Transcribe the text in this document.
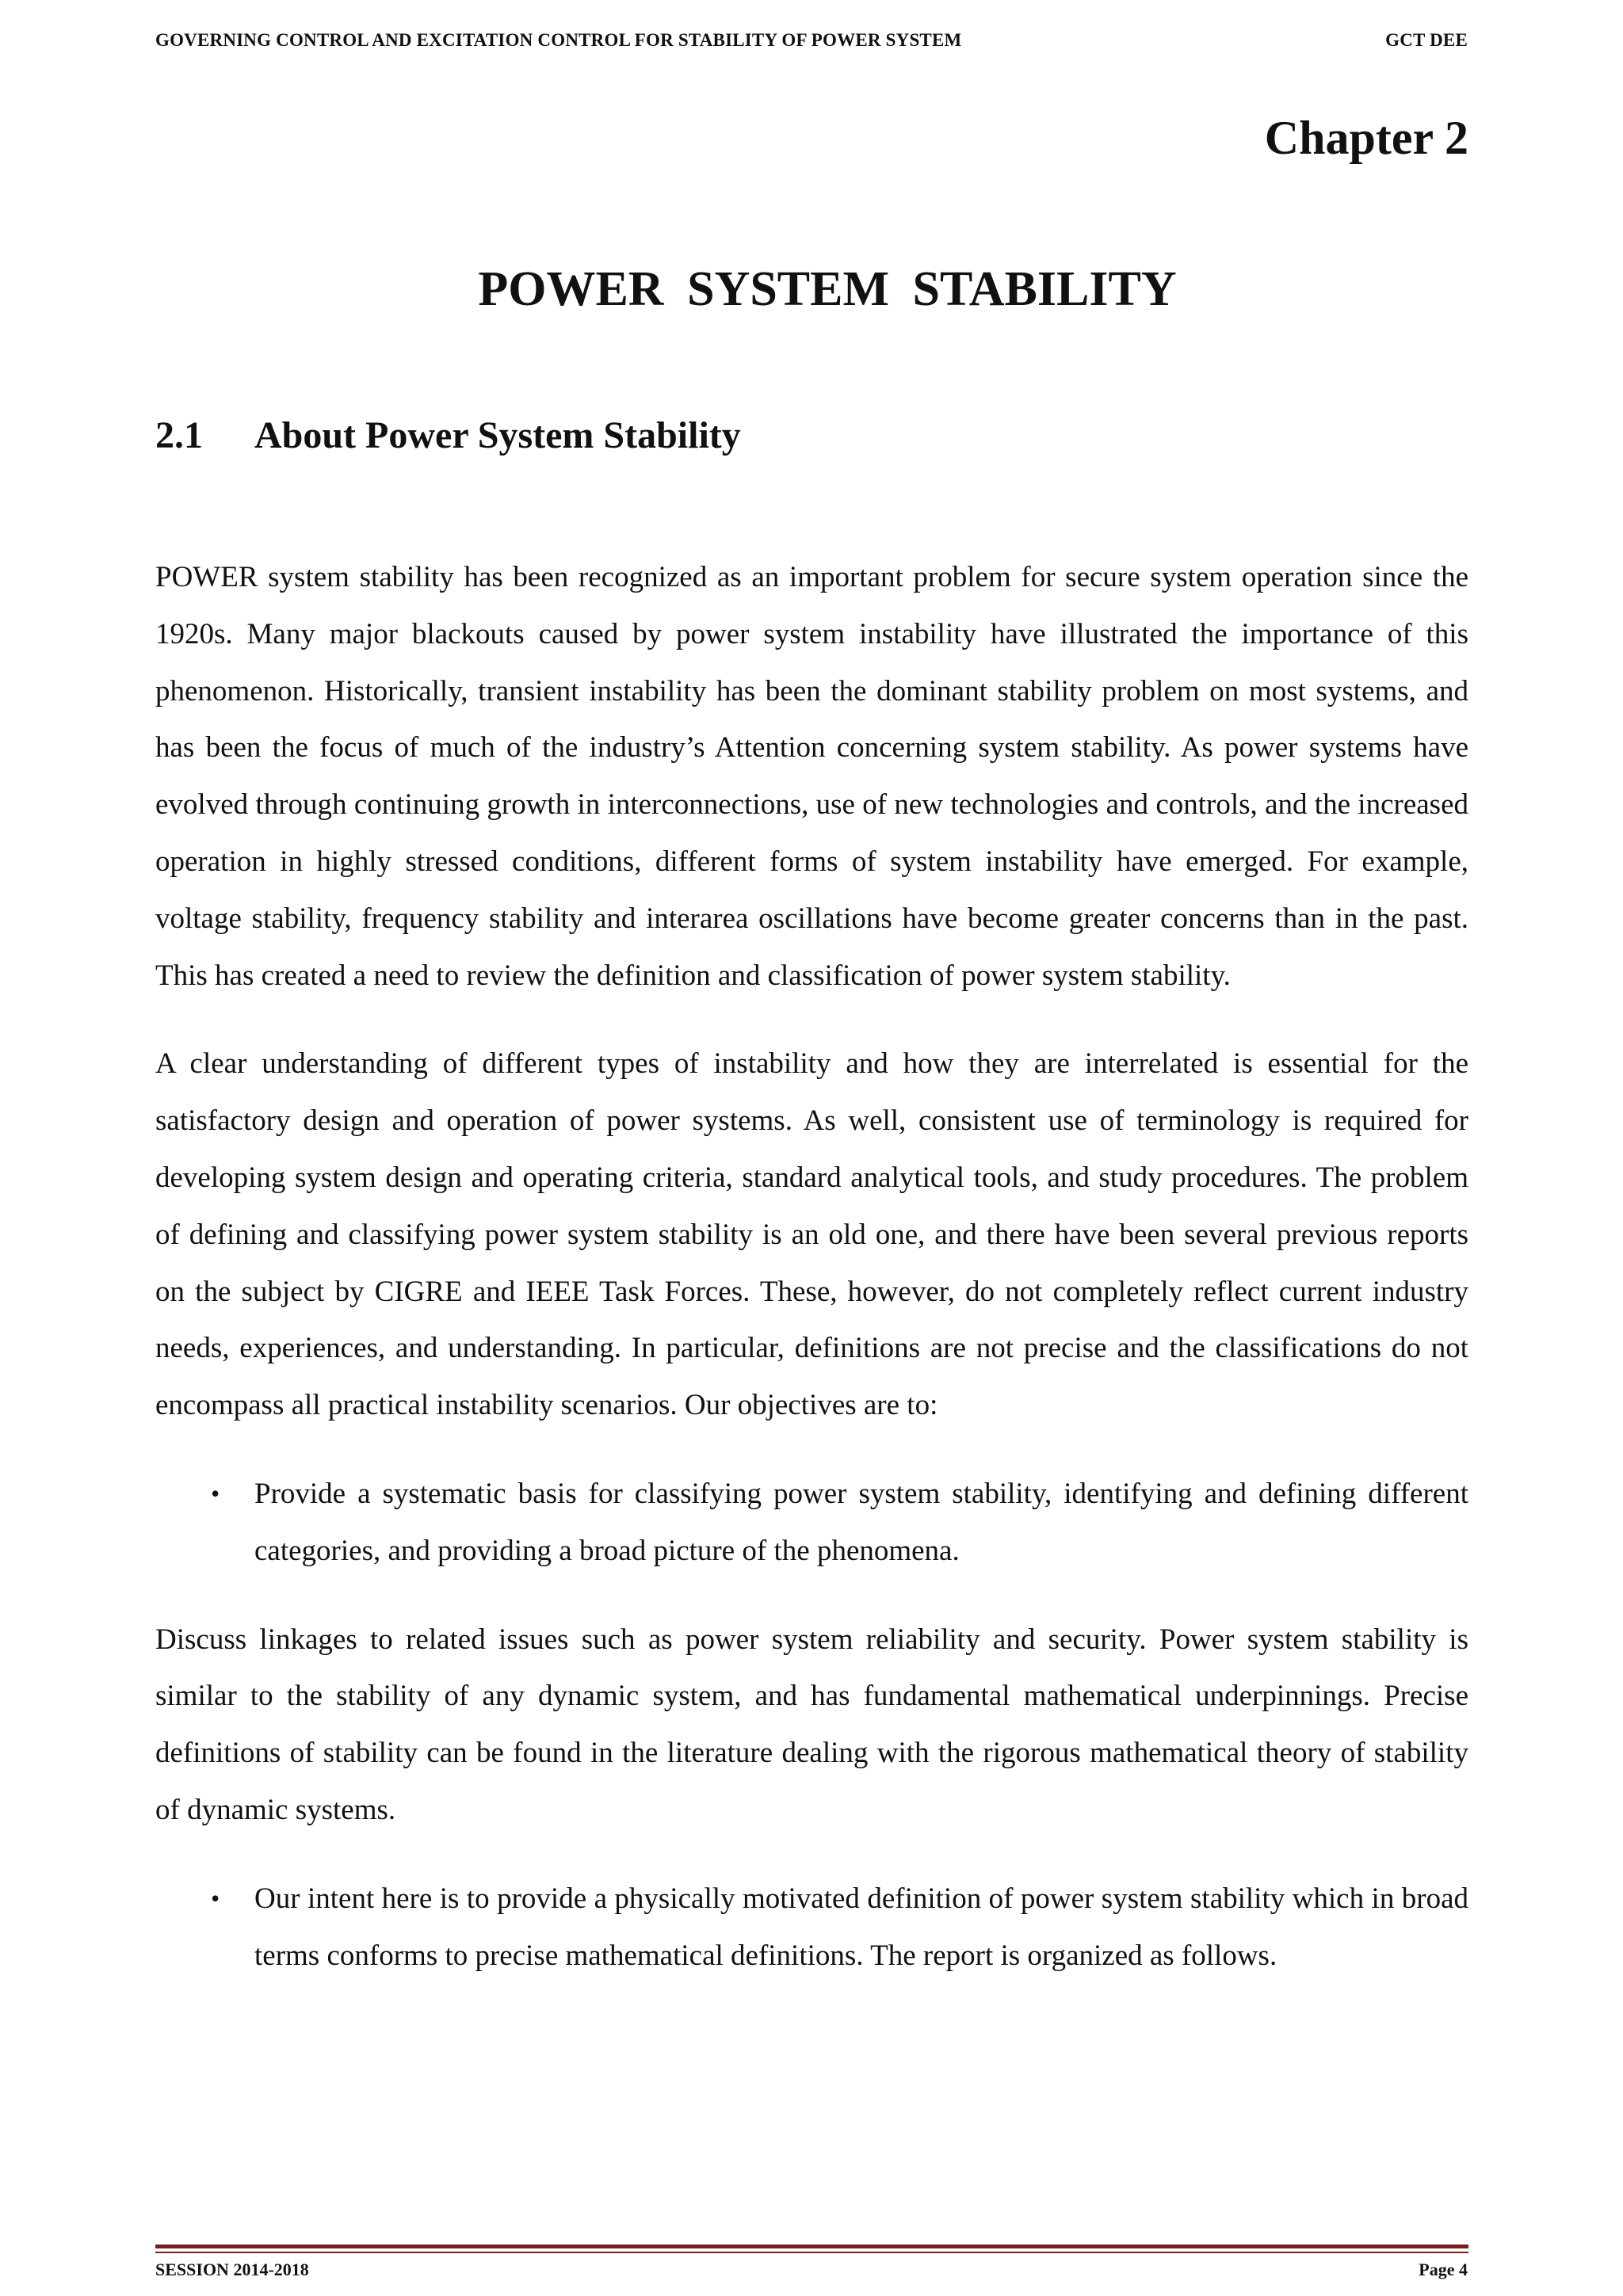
GOVERNING CONTROL AND EXCITATION CONTROL FOR STABILITY OF POWER SYSTEM	GCT DEE
Chapter 2
POWER SYSTEM STABILITY
2.1 About Power System Stability

POWER system stability has been recognized as an important problem for secure system operation since the 1920s. Many major blackouts caused by power system instability have illustrated the importance of this phenomenon. Historically, transient instability has been the dominant stability problem on most systems, and has been the focus of much of the industry’s Attention concerning system stability. As power systems have evolved through continuing growth in interconnections, use of new technologies and controls, and the increased operation in highly stressed conditions, different forms of system instability have emerged. For example, voltage stability, frequency stability and interarea oscillations have become greater concerns than in the past. This has created a need to review the definition and classification of power system stability.

A clear understanding of different types of instability and how they are interrelated is essential for the satisfactory design and operation of power systems. As well, consistent use of terminology is required for developing system design and operating criteria, standard analytical tools, and study procedures. The problem of defining and classifying power system stability is an old one, and there have been several previous reports on the subject by CIGRE and IEEE Task Forces. These, however, do not completely reflect current industry needs, experiences, and understanding. In particular, definitions are not precise and the classifications do not encompass all practical instability scenarios. Our objectives are to:

• Provide a systematic basis for classifying power system stability, identifying and defining different categories, and providing a broad picture of the phenomena.

Discuss linkages to related issues such as power system reliability and security. Power system stability is similar to the stability of any dynamic system, and has fundamental mathematical underpinnings. Precise definitions of stability can be found in the literature dealing with the rigorous mathematical theory of stability of dynamic systems.

• Our intent here is to provide a physically motivated definition of power system stability which in broad terms conforms to precise mathematical definitions. The report is organized as follows.
SESSION 2014-2018	Page 4
